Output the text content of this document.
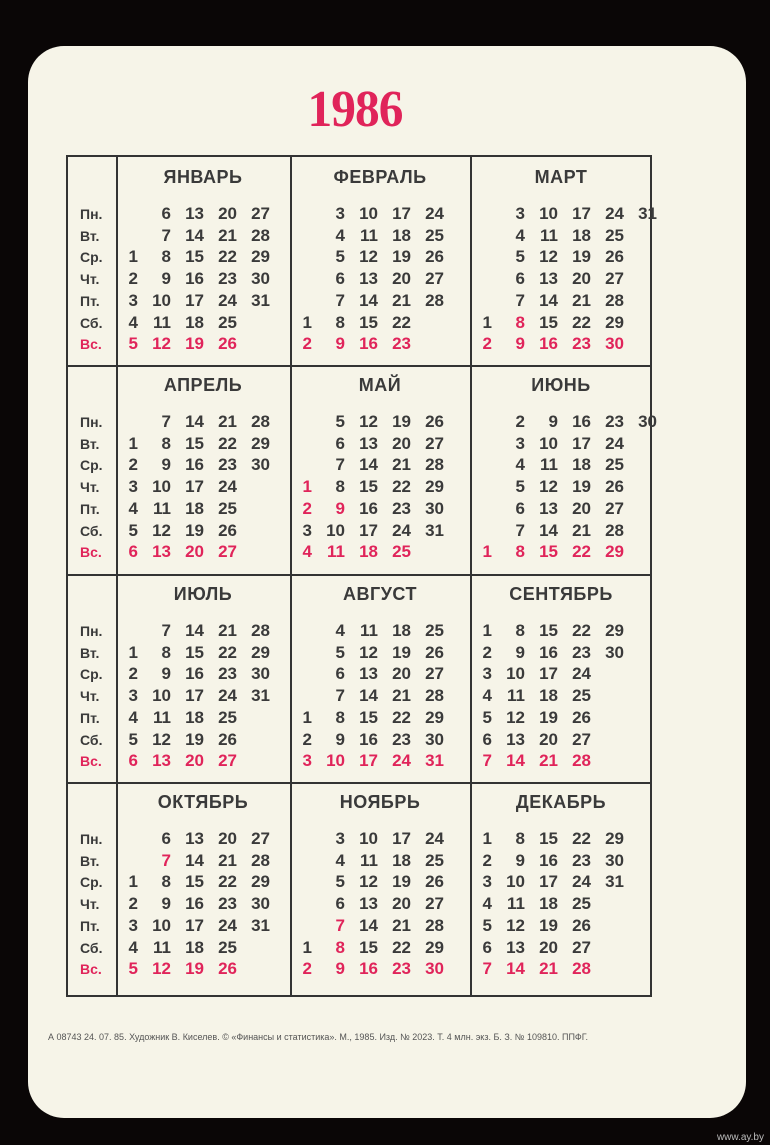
1986
Пн.
Вт.
Ср.
Чт.
Пт.
Сб.
Вс.
ЯНВАРЬ
1
2
3
4
5
6
7
8
9
10
11
12
13
14
15
16
17
18
19
20
21
22
23
24
25
26
27
28
29
30
31
ФЕВРАЛЬ
1
2
3
4
5
6
7
8
9
10
11
12
13
14
15
16
17
18
19
20
21
22
23
24
25
26
27
28
МАРТ
1
2
3
4
5
6
7
8
9
10
11
12
13
14
15
16
17
18
19
20
21
22
23
24
25
26
27
28
29
30
31
Пн.
Вт.
Ср.
Чт.
Пт.
Сб.
Вс.
АПРЕЛЬ
1
2
3
4
5
6
7
8
9
10
11
12
13
14
15
16
17
18
19
20
21
22
23
24
25
26
27
28
29
30
МАЙ
1
2
3
4
5
6
7
8
9
10
11
12
13
14
15
16
17
18
19
20
21
22
23
24
25
26
27
28
29
30
31
ИЮНЬ
1
2
3
4
5
6
7
8
9
10
11
12
13
14
15
16
17
18
19
20
21
22
23
24
25
26
27
28
29
30
Пн.
Вт.
Ср.
Чт.
Пт.
Сб.
Вс.
ИЮЛЬ
1
2
3
4
5
6
7
8
9
10
11
12
13
14
15
16
17
18
19
20
21
22
23
24
25
26
27
28
29
30
31
АВГУСТ
1
2
3
4
5
6
7
8
9
10
11
12
13
14
15
16
17
18
19
20
21
22
23
24
25
26
27
28
29
30
31
СЕНТЯБРЬ
1
2
3
4
5
6
7
8
9
10
11
12
13
14
15
16
17
18
19
20
21
22
23
24
25
26
27
28
29
30
Пн.
Вт.
Ср.
Чт.
Пт.
Сб.
Вс.
ОКТЯБРЬ
1
2
3
4
5
6
7
8
9
10
11
12
13
14
15
16
17
18
19
20
21
22
23
24
25
26
27
28
29
30
31
НОЯБРЬ
1
2
3
4
5
6
7
8
9
10
11
12
13
14
15
16
17
18
19
20
21
22
23
24
25
26
27
28
29
30
ДЕКАБРЬ
1
2
3
4
5
6
7
8
9
10
11
12
13
14
15
16
17
18
19
20
21
22
23
24
25
26
27
28
29
30
31
А 08743 24. 07. 85. Художник В. Киселев. © «Финансы и статистика». М., 1985. Изд. № 2023. Т. 4 млн. экз. Б. З. № 109810. ППФГ.
www.ay.by
